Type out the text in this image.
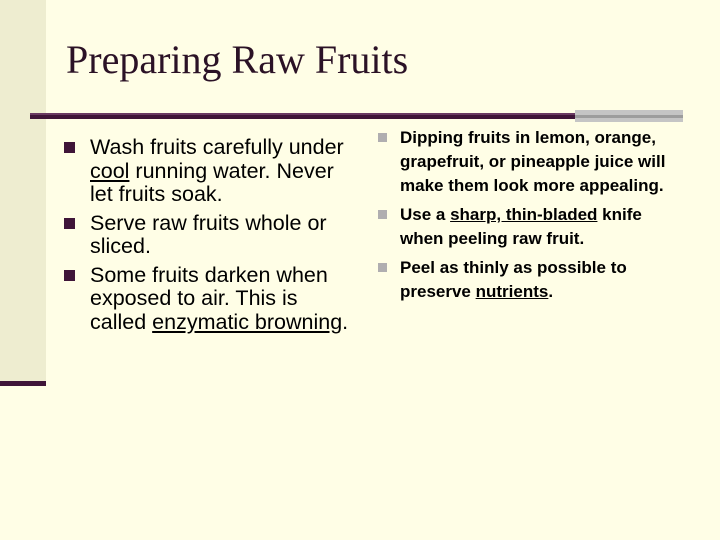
Preparing Raw Fruits
Wash fruits carefully under cool running water. Never let fruits soak.
Serve raw fruits whole or sliced.
Some fruits darken when exposed to air. This is called enzymatic browning.
Dipping fruits in lemon, orange, grapefruit, or pineapple juice will make them look more appealing.
Use a sharp, thin-bladed knife when peeling raw fruit.
Peel as thinly as possible to preserve nutrients.
